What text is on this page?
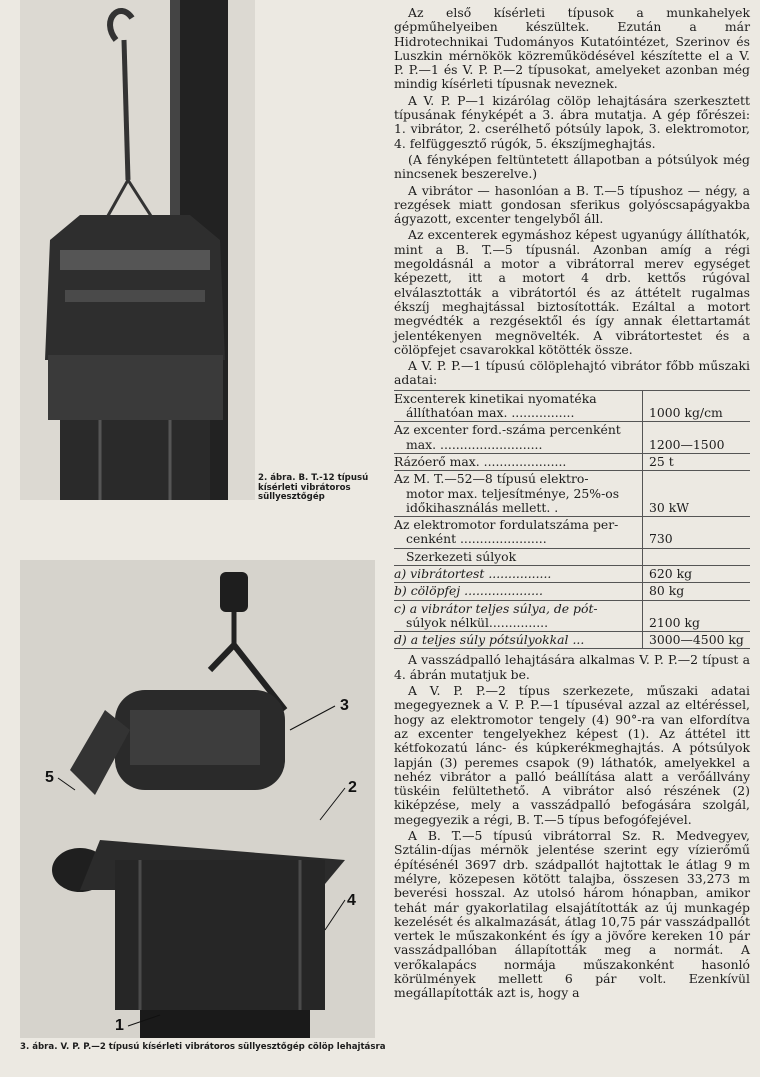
2. ábra. B. T.-12 típusú kísérleti vibrátoros süllyesztőgép
3
2
4
5
1
3. ábra. V. P. P.—2 típusú kísérleti vibrátoros süllyesztőgép cölöp lehajtásra

Az első kísérleti típusok a munkahelyek gépműhelyeiben készültek. Ezután a már Hidrotechnikai Tudományos Kutatóintézet, Szerinov és Luszkin mérnökök közreműködésével készítette el a V. P. P.—1 és V. P. P.—2 típusokat, amelyeket azonban még mindig kísérleti típusnak neveznek.

A V. P. P—1 kizárólag cölöp lehajtására szerkesztett típusának fényképét a 3. ábra mutatja. A gép főrészei: 1. vibrátor, 2. cserélhető pótsúly lapok, 3. elektromotor, 4. felfüggesztő rúgók, 5. ékszíjmeghajtás.

(A fényképen feltüntetett állapotban a pótsúlyok még nincsenek beszerelve.)

A vibrátor — hasonlóan a B. T.—5 típushoz — négy, a rezgések miatt gondosan sferikus golyóscsapágyakba ágyazott, excenter tengelyből áll.

Az excenterek egymáshoz képest ugyanúgy állíthatók, mint a B. T.—5 típusnál. Azonban amíg a régi megoldásnál a motor a vibrátorral merev egységet képezett, itt a motort 4 drb. kettős rúgóval elválasztották a vibrátortól és az áttételt rugalmas ékszíj meghajtással biztosították. Ezáltal a motort megvédték a rezgésektől és így annak élettartamát jelentékenyen megnövelték. A vibrátortestet és a cölöpfejet csavarokkal kötötték össze.

A V. P. P.—1 típusú cölöplehajtó vibrátor főbb műszaki adatai:

Excenterek kinetikai nyomatéka
állíthatóan max. ................	1000 kg/cm
Az excenter ford.-száma percenként
max. ..........................	1200—1500
Rázóerő max. .....................	25 t
Az M. T.—52—8 típusú elektro-
motor max. teljesítménye, 25%-os időkihasználás mellett. .	30 kW
Az elektromotor fordulatszáma per-
cenként ......................	730
Szerkezeti súlyok
a) vibrátortest ................	620 kg
b) cölöpfej ....................	80 kg
c) a vibrátor teljes súlya, de pót-
súlyok nélkül...............	2100 kg
d) a teljes súly pótsúlyokkal ...	3000—4500 kg

A vasszádpalló lehajtására alkalmas V. P. P.—2 típust a 4. ábrán mutatjuk be.

A V. P. P.—2 típus szerkezete, műszaki adatai megegyeznek a V. P. P.—1 típuséval azzal az eltéréssel, hogy az elektromotor tengely (4) 90°-ra van elfordítva az excenter tengelyekhez képest (1). Az áttétel itt kétfokozatú lánc- és kúpkerékmeghajtás. A pótsúlyok lapján (3) peremes csapok (9) láthatók, amelyekkel a nehéz vibrátor a palló beállítása alatt a verőállvány tüskéin felültethető. A vibrátor alsó részének (2) kiképzése, mely a vasszádpalló befogására szolgál, megegyezik a régi, B. T.—5 típus befogófejével.

A B. T.—5 típusú vibrátorral Sz. R. Medvegyev, Sztálin-díjas mérnök jelentése szerint egy vízierőmű építésénél 3697 drb. szádpallót hajtottak le átlag 9 m mélyre, közepesen kötött talajba, összesen 33,273 m beverési hosszal. Az utolsó három hónapban, amikor tehát már gyakorlatilag elsajátították az új munkagép kezelését és alkalmazását, átlag 10,75 pár vasszádpallót vertek le műszakonként és így a jövőre kereken 10 pár vasszádpallóban állapították meg a normát. A verőkalapács normája műszakonként hasonló körülmények mellett 6 pár volt. Ezenkívül megállapították azt is, hogy a
